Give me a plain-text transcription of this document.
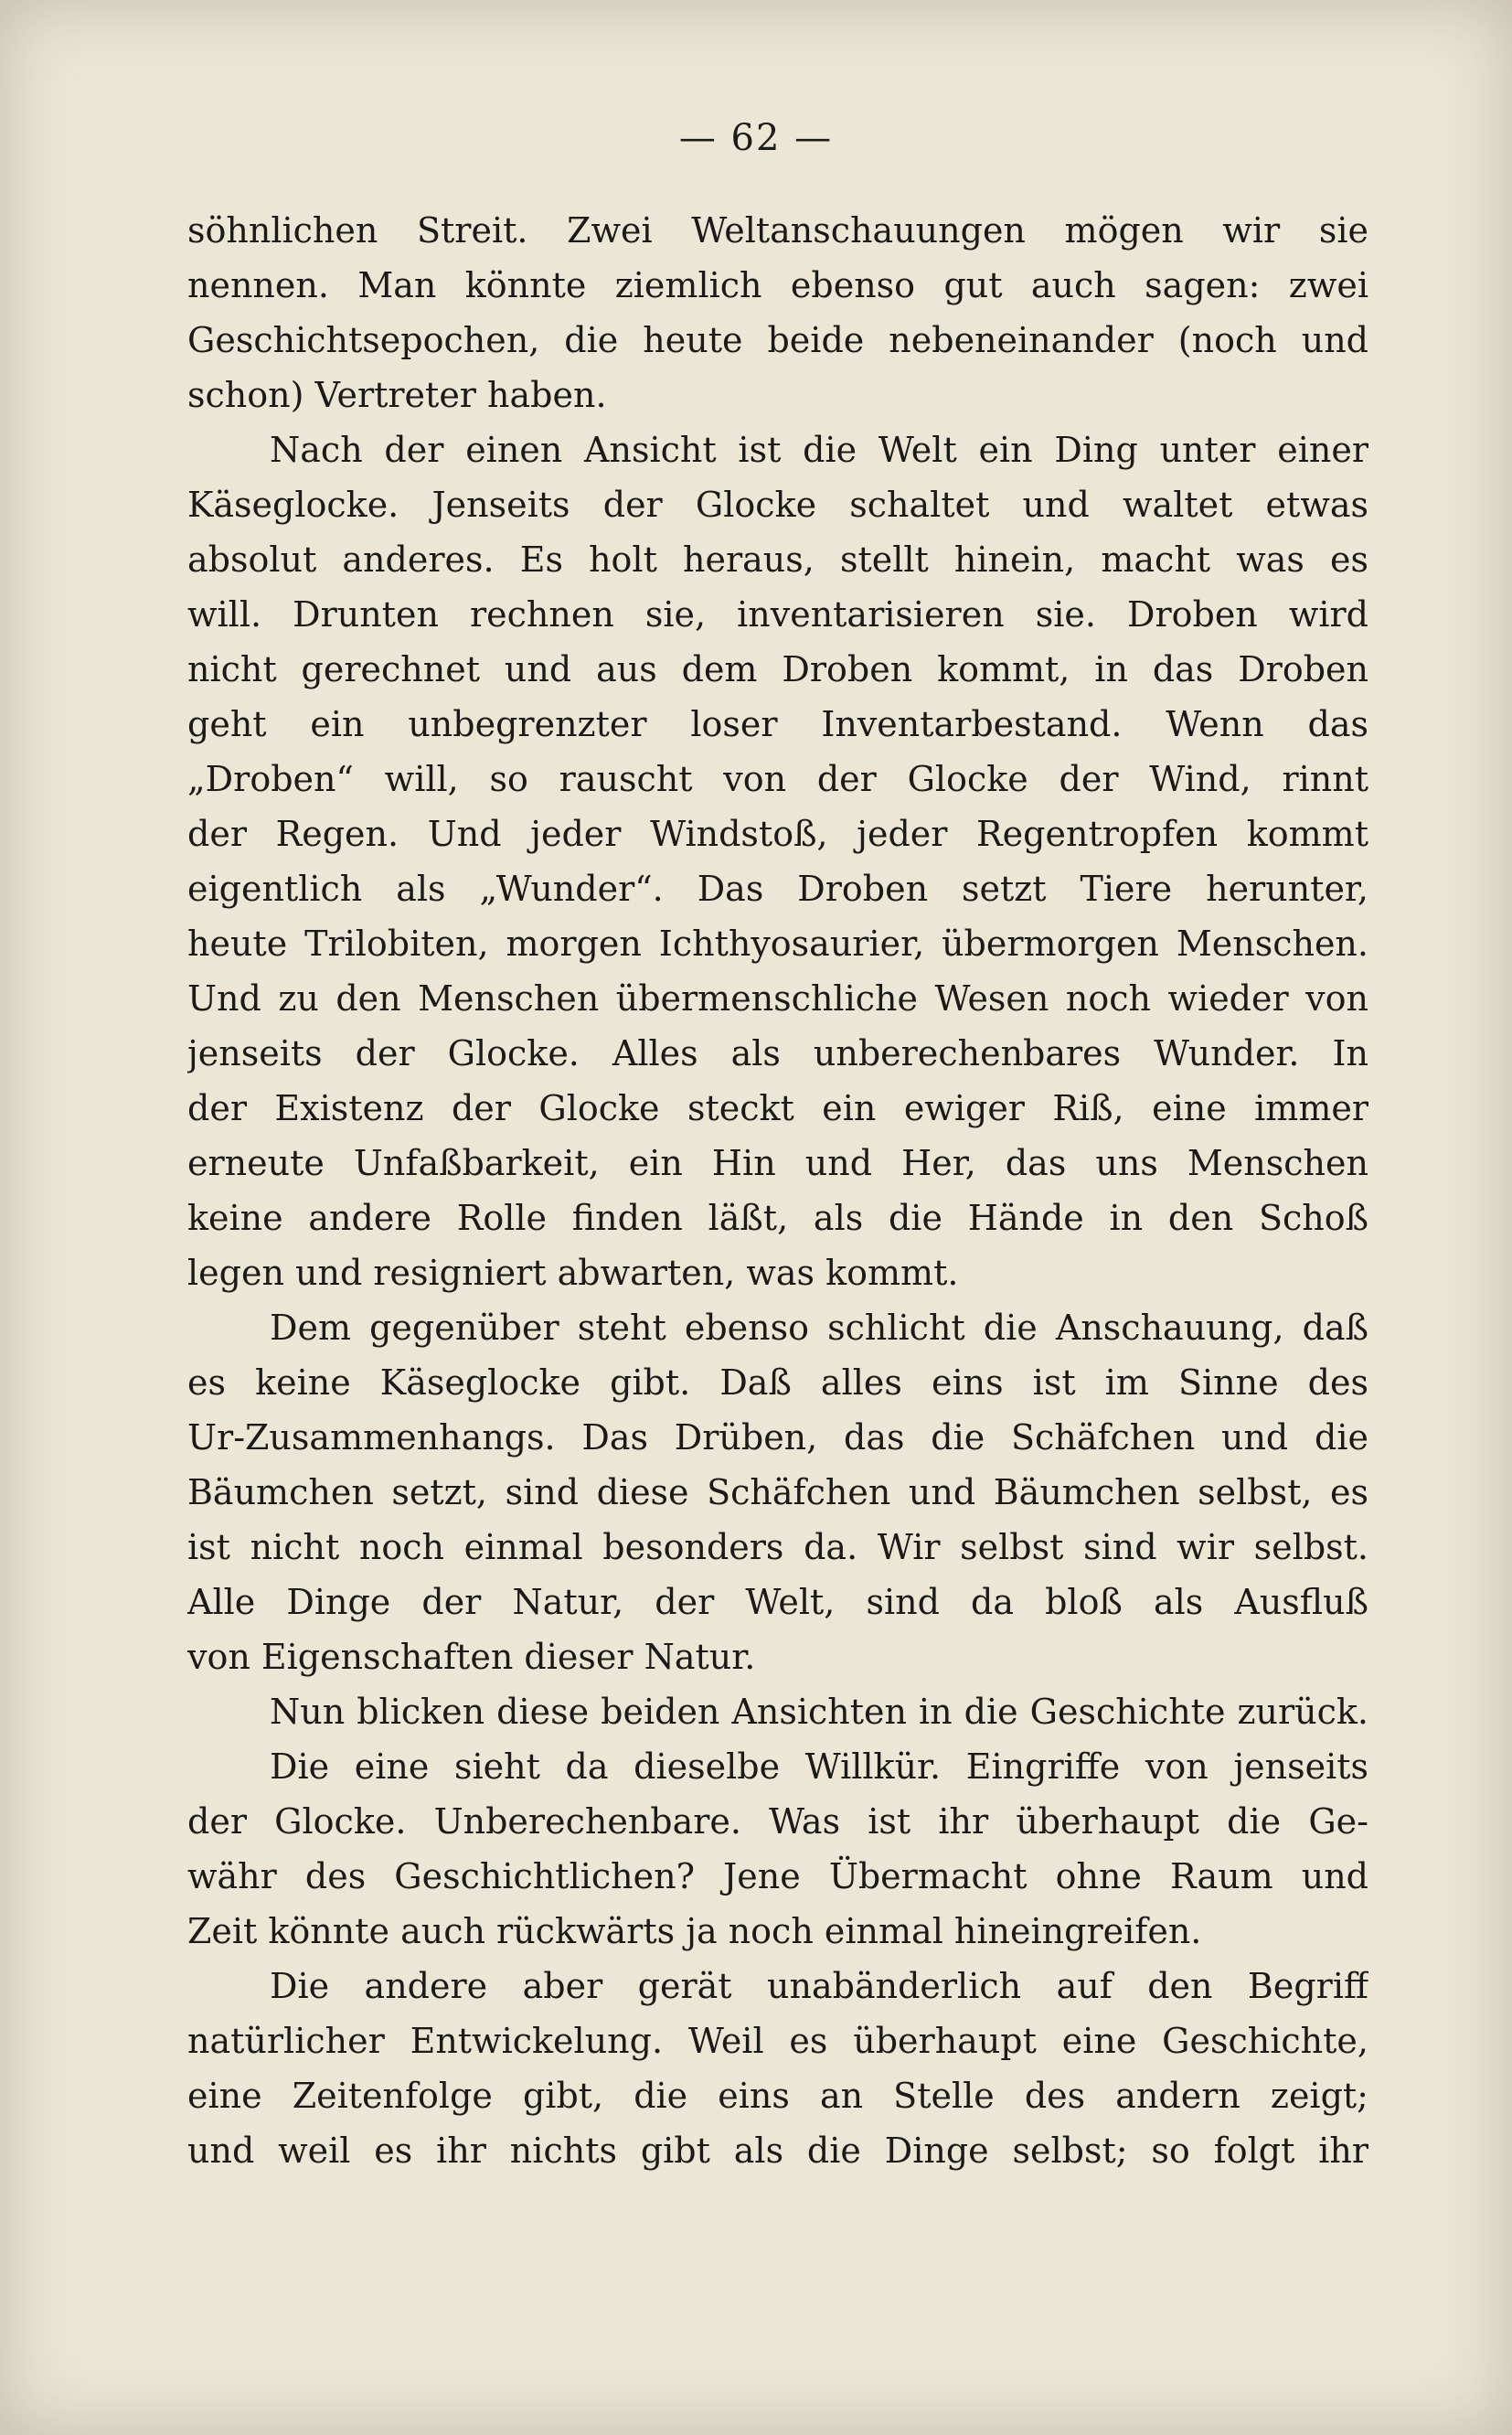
— 62 —
söhnlichen Streit. Zwei Weltanschauungen mögen wir sie
nennen. Man könnte ziemlich ebenso gut auch sagen: zwei
Geschichtsepochen, die heute beide nebeneinander (noch und
schon) Vertreter haben.
Nach der einen Ansicht ist die Welt ein Ding unter einer
Käseglocke. Jenseits der Glocke schaltet und waltet etwas
absolut anderes. Es holt heraus, stellt hinein, macht was es
will. Drunten rechnen sie, inventarisieren sie. Droben wird
nicht gerechnet und aus dem Droben kommt, in das Droben
geht ein unbegrenzter loser Inventarbestand. Wenn das
„Droben“ will, so rauscht von der Glocke der Wind, rinnt
der Regen. Und jeder Windstoß, jeder Regentropfen kommt
eigentlich als „Wunder“. Das Droben setzt Tiere herunter,
heute Trilobiten, morgen Ichthyosaurier, übermorgen Menschen.
Und zu den Menschen übermenschliche Wesen noch wieder von
jenseits der Glocke. Alles als unberechenbares Wunder. In
der Existenz der Glocke steckt ein ewiger Riß, eine immer
erneute Unfaßbarkeit, ein Hin und Her, das uns Menschen
keine andere Rolle finden läßt, als die Hände in den Schoß
legen und resigniert abwarten, was kommt.
Dem gegenüber steht ebenso schlicht die Anschauung, daß
es keine Käseglocke gibt. Daß alles eins ist im Sinne des
Ur-Zusammenhangs. Das Drüben, das die Schäfchen und die
Bäumchen setzt, sind diese Schäfchen und Bäumchen selbst, es
ist nicht noch einmal besonders da. Wir selbst sind wir selbst.
Alle Dinge der Natur, der Welt, sind da bloß als Ausfluß
von Eigenschaften dieser Natur.
Nun blicken diese beiden Ansichten in die Geschichte zurück.
Die eine sieht da dieselbe Willkür. Eingriffe von jenseits
der Glocke. Unberechenbare. Was ist ihr überhaupt die Ge-
währ des Geschichtlichen? Jene Übermacht ohne Raum und
Zeit könnte auch rückwärts ja noch einmal hineingreifen.
Die andere aber gerät unabänderlich auf den Begriff
natürlicher Entwickelung. Weil es überhaupt eine Geschichte,
eine Zeitenfolge gibt, die eins an Stelle des andern zeigt;
und weil es ihr nichts gibt als die Dinge selbst; so folgt ihr
